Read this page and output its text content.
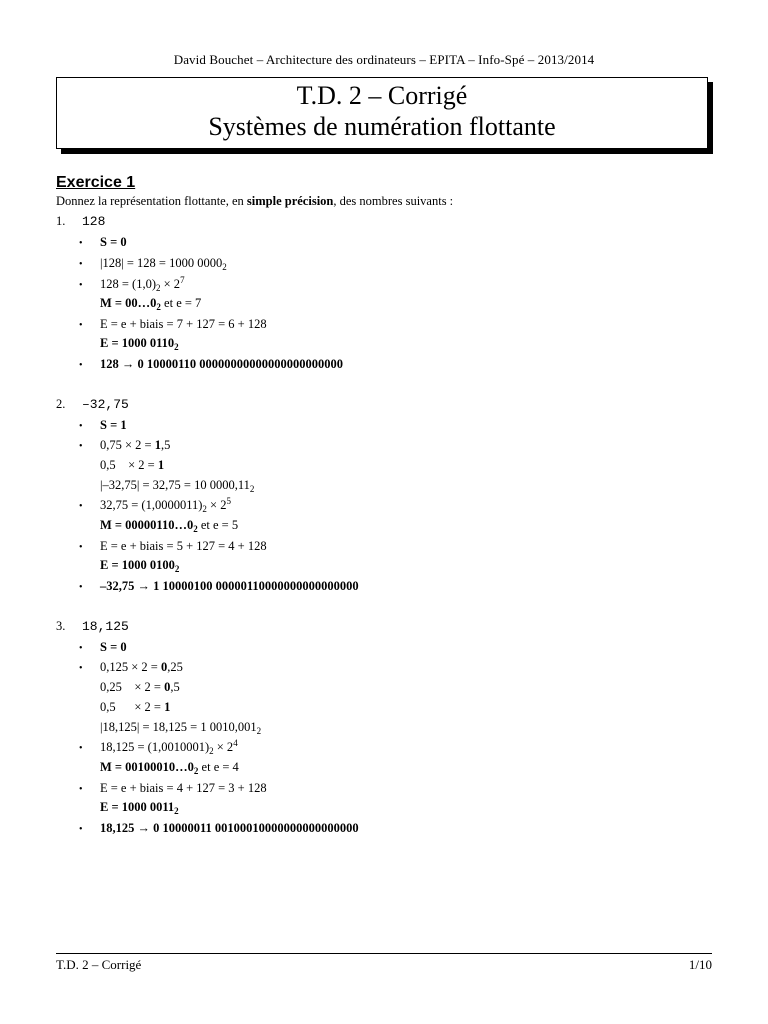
David Bouchet – Architecture des ordinateurs – EPITA – Info-Spé – 2013/2014
T.D. 2 – Corrigé
Systèmes de numération flottante
Exercice 1
Donnez la représentation flottante, en simple précision, des nombres suivants :
1. 128
• S = 0
• |128| = 128 = 1000 $0000_2$
• $128 = (1,0)_2 \times 2^7$
$M = 00\dots 0_2$ et e = 7
• E = e + biais = 7 + 127 = 6 + 128
E = 1000 $0110_2$
• 128 → 0 10000110 00000000000000000000000
2. –32,75
• S = 1
• 0,75 × 2 = 1,5
0,5    × 2 = 1
|–32,75| = 32,75 = 10 $0000,11_2$
• $32,75 = (1,0000011)_2 \times 2^5$
$M = 00000110\dots 0_2$ et e = 5
• E = e + biais = 5 + 127 = 4 + 128
E = 1000 $0100_2$
• –32,75 → 1 10000100 00000110000000000000000
3. 18,125
• S = 0
• 0,125 × 2 = 0,25
0,25    × 2 = 0,5
0,5      × 2 = 1
|18,125| = 18,125 = 1 $0010,001_2$
• $18,125 = (1,0010001)_2 \times 2^4$
$M = 00100010\dots 0_2$ et e = 4
• E = e + biais = 4 + 127 = 3 + 128
E = 1000 $0011_2$
• 18,125 → 0 10000011 00100010000000000000000
T.D. 2 – Corrigé	1/10
